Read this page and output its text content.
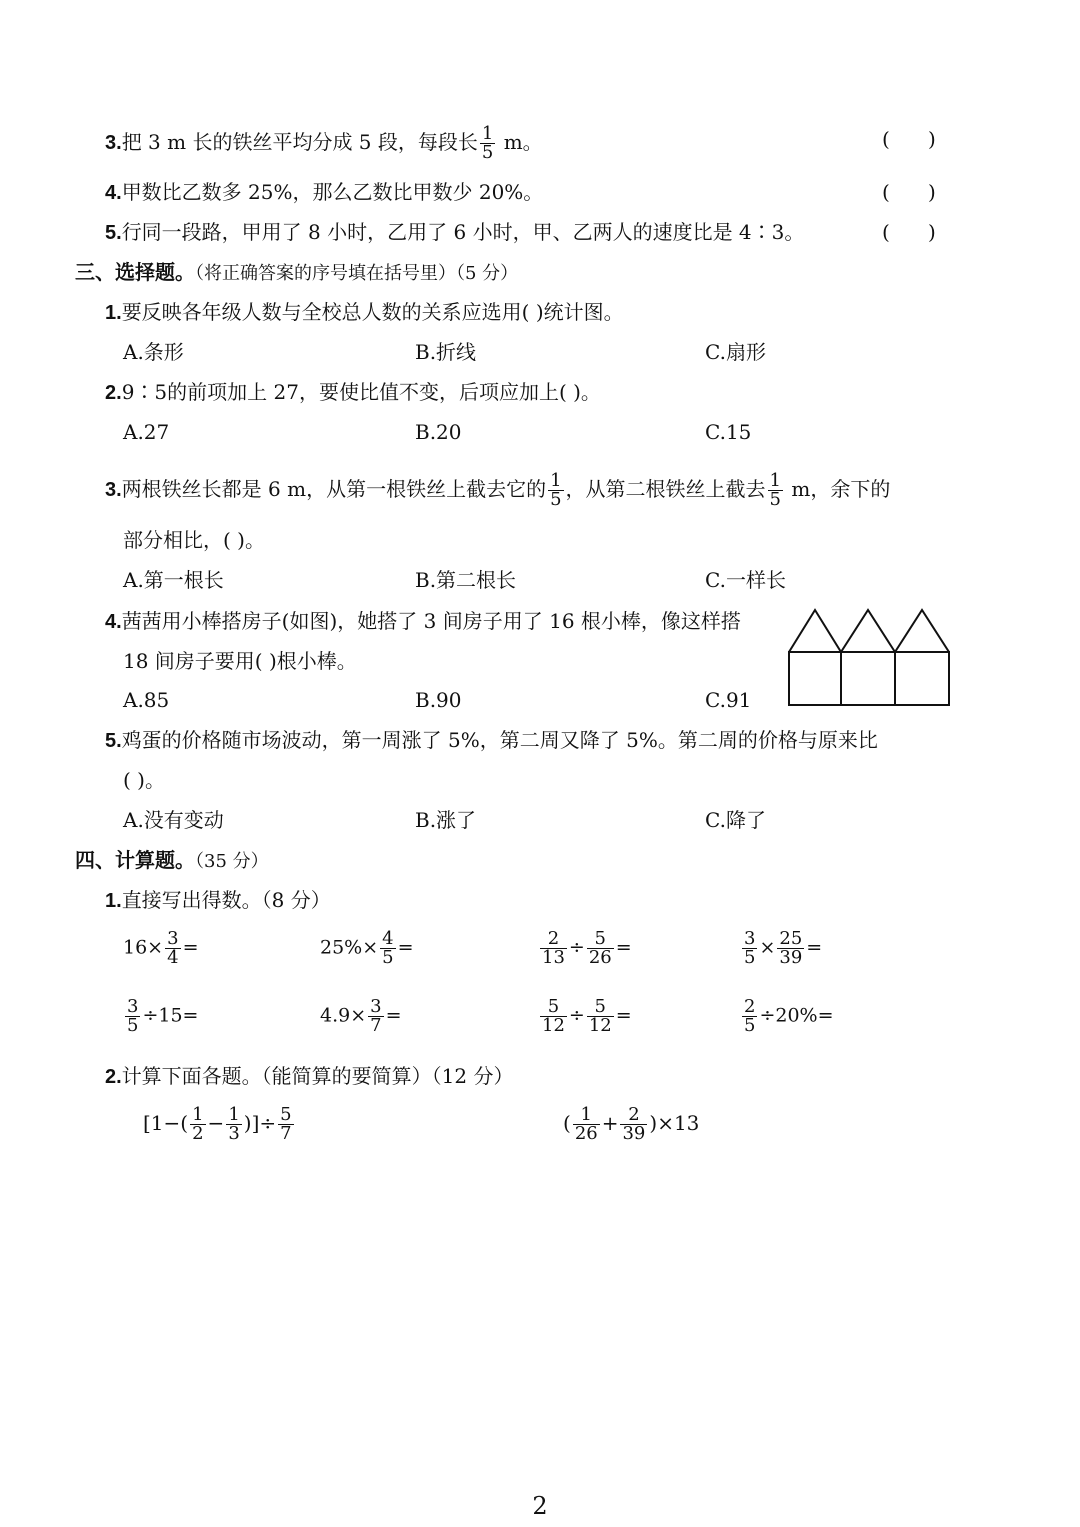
3.把 3 m 长的铁丝平均分成 5 段，每段长 $\frac{1}{5}$ m。	(      )
4.甲数比乙数多 25%，那么乙数比甲数少 20%。	(      )
5.行同一段路，甲用了 8 小时，乙用了 6 小时，甲、乙两人的速度比是 4∶3。	(      )
三、选择题。（将正确答案的序号填在括号里）（5 分）
1.要反映各年级人数与全校总人数的关系应选用( )统计图。
A.条形	B.折线	C.扇形
2.9∶5的前项加上 27，要使比值不变，后项应加上( )。
A.27	B.20	C.15
3.两根铁丝长都是 6 m，从第一根铁丝上截去它的 $\frac{1}{5}$ ，从第二根铁丝上截去 $\frac{1}{5}$ m，余下的
部分相比，( )。
A.第一根长	B.第二根长	C.一样长
4.茜茜用小棒搭房子(如图)，她搭了 3 间房子用了 16 根小棒，像这样搭
18 间房子要用( )根小棒。
A.85	B.90	C.91
5.鸡蛋的价格随市场波动，第一周涨了 5%，第二周又降了 5%。第二周的价格与原来比
( )。
A.没有变动	B.涨了	C.降了
四、计算题。（35 分）
1.直接写出得数。（8 分）
$16\times \frac{3}{4}$ =	$25\%\times \frac{4}{5}$ =	$\frac{2}{13} \div \frac{5}{26}$ =	$\frac{3}{5} \times \frac{25}{39}$ =
$\frac{3}{5} \div 15=$	$4.9\times \frac{3}{7}$ =	$\frac{5}{12} \div \frac{5}{12}$ =	$\frac{2}{5} \div 20\%=$
2.计算下面各题。（能简算的要简算）（12 分）
[$1-( \frac{1}{2} - \frac{1}{3}$ )]÷ $\frac{5}{7}$	( $\frac{1}{26} + \frac{2}{39} )\times 13$
2
